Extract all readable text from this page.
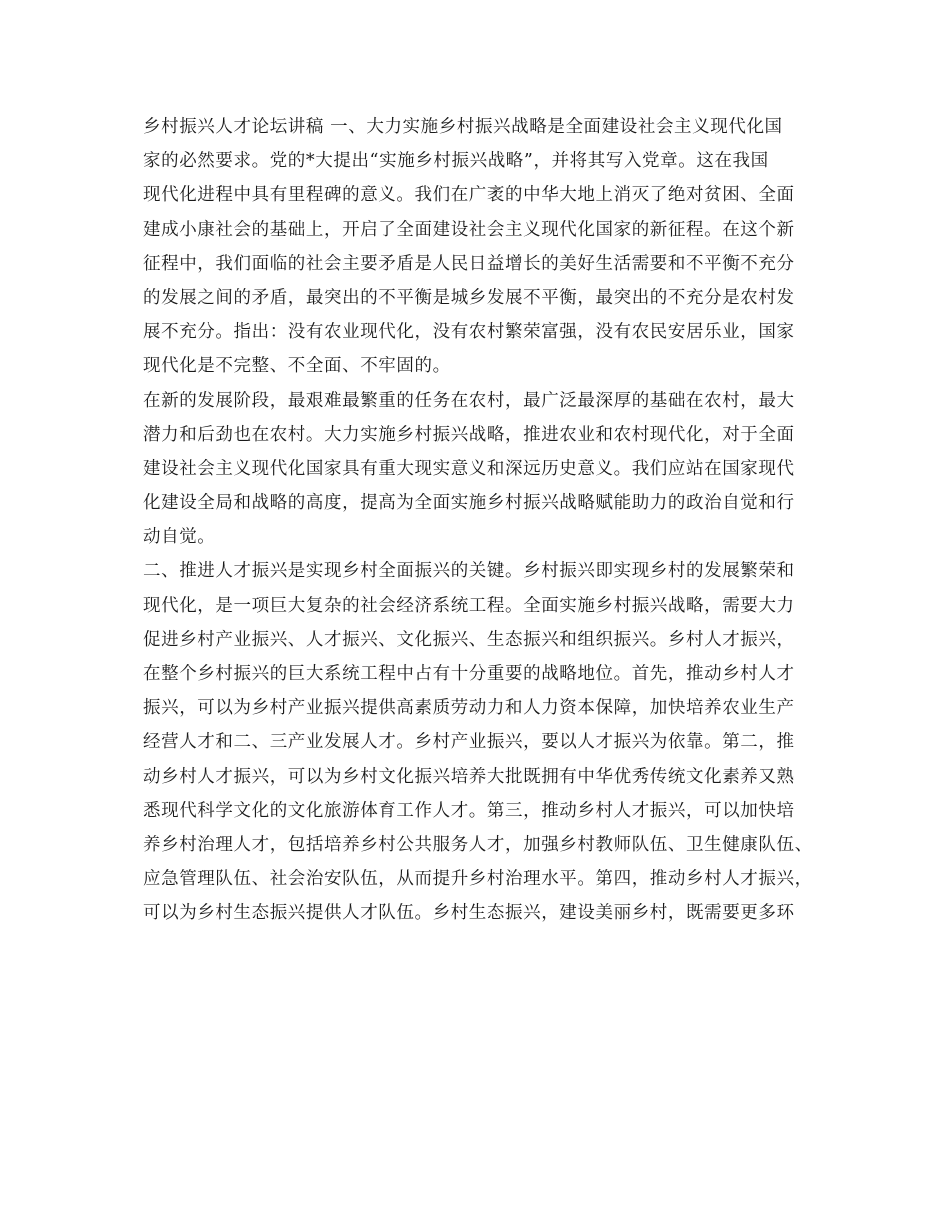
乡村振兴人才论坛讲稿 一、大力实施乡村振兴战略是全面建设社会主义现代化国
家的必然要求。党的*大提出“实施乡村振兴战略”，并将其写入党章。这在我国
现代化进程中具有里程碑的意义。我们在广袤的中华大地上消灭了绝对贫困、全面
建成小康社会的基础上，开启了全面建设社会主义现代化国家的新征程。在这个新
征程中，我们面临的社会主要矛盾是人民日益增长的美好生活需要和不平衡不充分
的发展之间的矛盾，最突出的不平衡是城乡发展不平衡，最突出的不充分是农村发
展不充分。指出：没有农业现代化，没有农村繁荣富强，没有农民安居乐业，国家
现代化是不完整、不全面、不牢固的。

在新的发展阶段，最艰难最繁重的任务在农村，最广泛最深厚的基础在农村，最大
潜力和后劲也在农村。大力实施乡村振兴战略，推进农业和农村现代化，对于全面
建设社会主义现代化国家具有重大现实意义和深远历史意义。我们应站在国家现代
化建设全局和战略的高度，提高为全面实施乡村振兴战略赋能助力的政治自觉和行
动自觉。

二、推进人才振兴是实现乡村全面振兴的关键。乡村振兴即实现乡村的发展繁荣和
现代化，是一项巨大复杂的社会经济系统工程。全面实施乡村振兴战略，需要大力
促进乡村产业振兴、人才振兴、文化振兴、生态振兴和组织振兴。乡村人才振兴，
在整个乡村振兴的巨大系统工程中占有十分重要的战略地位。首先，推动乡村人才
振兴，可以为乡村产业振兴提供高素质劳动力和人力资本保障，加快培养农业生产
经营人才和二、三产业发展人才。乡村产业振兴，要以人才振兴为依靠。第二，推
动乡村人才振兴，可以为乡村文化振兴培养大批既拥有中华优秀传统文化素养又熟
悉现代科学文化的文化旅游体育工作人才。第三，推动乡村人才振兴，可以加快培
养乡村治理人才，包括培养乡村公共服务人才，加强乡村教师队伍、卫生健康队伍、
应急管理队伍、社会治安队伍，从而提升乡村治理水平。第四，推动乡村人才振兴，
可以为乡村生态振兴提供人才队伍。乡村生态振兴，建设美丽乡村，既需要更多环
